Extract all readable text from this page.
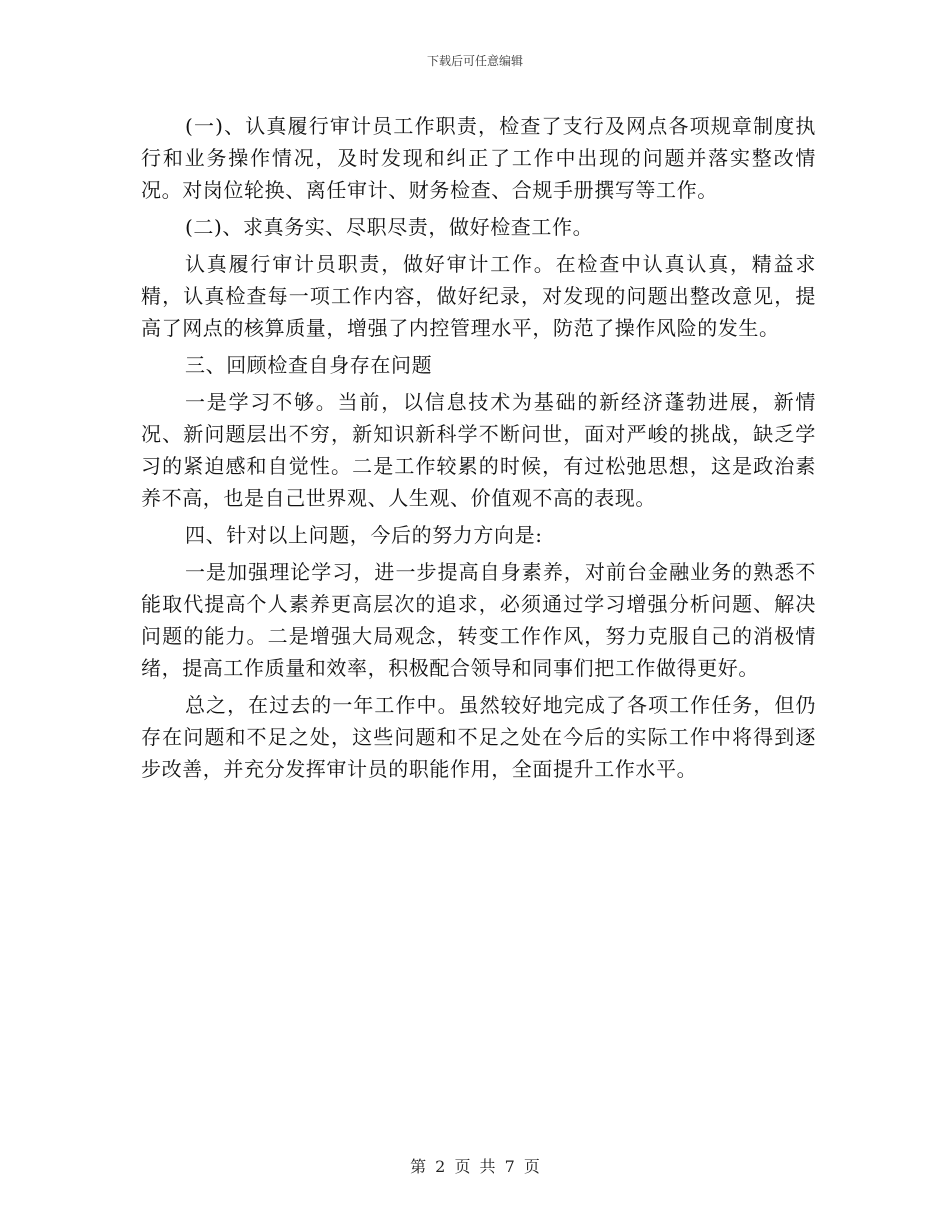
下载后可任意编辑

(一)、认真履行审计员工作职责，检查了支行及网点各项规章制度执行和业务操作情况，及时发现和纠正了工作中出现的问题并落实整改情况。对岗位轮换、离任审计、财务检查、合规手册撰写等工作。

(二)、求真务实、尽职尽责，做好检查工作。

认真履行审计员职责，做好审计工作。在检查中认真认真，精益求精，认真检查每一项工作内容，做好纪录，对发现的问题出整改意见，提高了网点的核算质量，增强了内控管理水平，防范了操作风险的发生。

三、回顾检查自身存在问题

一是学习不够。当前，以信息技术为基础的新经济蓬勃进展，新情况、新问题层出不穷，新知识新科学不断问世，面对严峻的挑战，缺乏学习的紧迫感和自觉性。二是工作较累的时候，有过松弛思想，这是政治素养不高，也是自己世界观、人生观、价值观不高的表现。

四、针对以上问题，今后的努力方向是:

一是加强理论学习，进一步提高自身素养，对前台金融业务的熟悉不能取代提高个人素养更高层次的追求，必须通过学习增强分析问题、解决问题的能力。二是增强大局观念，转变工作作风，努力克服自己的消极情绪，提高工作质量和效率，积极配合领导和同事们把工作做得更好。

总之，在过去的一年工作中。虽然较好地完成了各项工作任务，但仍存在问题和不足之处，这些问题和不足之处在今后的实际工作中将得到逐步改善，并充分发挥审计员的职能作用，全面提升工作水平。

第 2 页 共 7 页
